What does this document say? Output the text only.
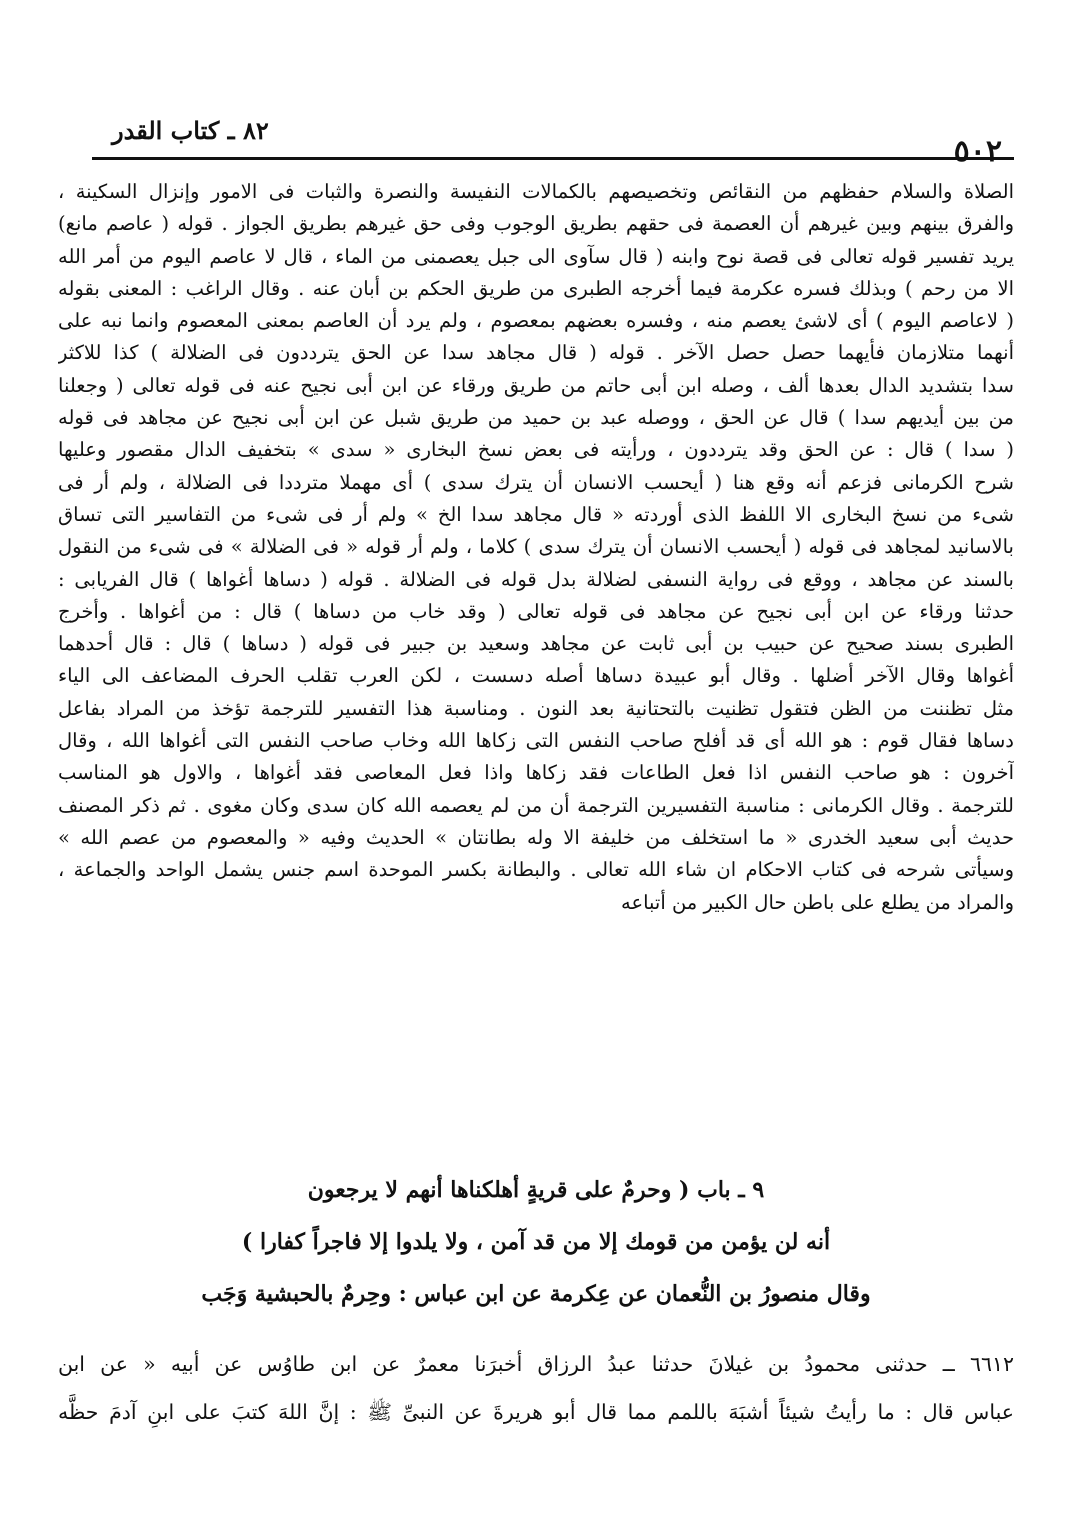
٥٠٢
٨٢ ـ كتاب القدر
الصلاة والسلام حفظهم من النقائص وتخصيصهم بالكمالات النفيسة والنصرة والثبات فى الامور وإنزال السكينة ،
والفرق بينهم وبين غيرهم أن العصمة فى حقهم بطريق الوجوب وفى حق غيرهم بطريق الجواز . قوله ( عاصم مانع)
يريد تفسير قوله تعالى فى قصة نوح وابنه ( قال سآوى الى جبل يعصمنى من الماء ، قال لا عاصم اليوم من أمر الله
الا من رحم ) وبذلك فسره عكرمة فيما أخرجه الطبرى من طريق الحكم بن أبان عنه . وقال الراغب : المعنى بقوله
( لاعاصم اليوم ) أى لاشئ يعصم منه ، وفسره بعضهم بمعصوم ، ولم يرد أن العاصم بمعنى المعصوم وانما نبه على
أنهما متلازمان فأيهما حصل حصل الآخر . قوله ( قال مجاهد سدا عن الحق يترددون فى الضلالة ) كذا للاكثر
سدا بتشديد الدال بعدها ألف ، وصله ابن أبى حاتم من طريق ورقاء عن ابن أبى نجيح عنه فى قوله تعالى ( وجعلنا
من بين أيديهم سدا ) قال عن الحق ، ووصله عبد بن حميد من طريق شبل عن ابن أبى نجيح عن مجاهد فى قوله
( سدا ) قال : عن الحق وقد يترددون ، ورأيته فى بعض نسخ البخارى « سدى » بتخفيف الدال مقصور وعليها
شرح الكرمانى فزعم أنه وقع هنا ( أيحسب الانسان أن يترك سدى ) أى مهملا مترددا فى الضلالة ، ولم أر فى
شىء من نسخ البخارى الا اللفظ الذى أوردته « قال مجاهد سدا الخ » ولم أر فى شىء من التفاسير التى تساق
بالاسانيد لمجاهد فى قوله ( أيحسب الانسان أن يترك سدى ) كلاما ، ولم أر قوله « فى الضلالة » فى شىء من النقول
بالسند عن مجاهد ، ووقع فى رواية النسفى لضلالة بدل قوله فى الضلالة . قوله ( دساها أغواها ) قال الفريابى :
حدثنا ورقاء عن ابن أبى نجيح عن مجاهد فى قوله تعالى ( وقد خاب من دساها ) قال : من أغواها . وأخرج
الطبرى بسند صحيح عن حبيب بن أبى ثابت عن مجاهد وسعيد بن جبير فى قوله ( دساها ) قال : قال أحدهما
أغواها وقال الآخر أضلها . وقال أبو عبيدة دساها أصله دسست ، لكن العرب تقلب الحرف المضاعف الى الياء
مثل تظننت من الظن فتقول تظنيت بالتحتانية بعد النون . ومناسبة هذا التفسير للترجمة تؤخذ من المراد بفاعل
دساها فقال قوم : هو الله أى قد أفلح صاحب النفس التى زكاها الله وخاب صاحب النفس التى أغواها الله ، وقال
آخرون : هو صاحب النفس اذا فعل الطاعات فقد زكاها واذا فعل المعاصى فقد أغواها ، والاول هو المناسب
للترجمة . وقال الكرمانى : مناسبة التفسيرين الترجمة أن من لم يعصمه الله كان سدى وكان مغوى . ثم ذكر المصنف
حديث أبى سعيد الخدرى « ما استخلف من خليفة الا وله بطانتان » الحديث وفيه « والمعصوم من عصم الله »
وسيأتى شرحه فى كتاب الاحكام ان شاء الله تعالى . والبطانة بكسر الموحدة اسم جنس يشمل الواحد والجماعة ،
والمراد من يطلع على باطن حال الكبير من أتباعه
٩ ـ باب ( وحرمٌ على قريةٍ أهلكناها أنهم لا يرجعون
أنه لن يؤمن من قومك إلا من قد آمن ، ولا يلدوا إلا فاجراً كفارا )
وقال منصورُ بن النُّعمان عن عِكرمة عن ابن عباس : وحِرمٌ بالحبشية وَجَب
٦٦١٢ ــ حدثنى محمودُ بن غيلانَ حدثنا عبدُ الرزاق أخبرَنا معمرٌ عن ابن طاوُس عن أبيه « عن ابن
عباس قال : ما رأيتُ شيئاً أشبَهَ باللمم مما قال أبو هريرةَ عن النبىِّ ﷺ : إنَّ اللهَ كتبَ على ابنِ آدمَ حظَّه
